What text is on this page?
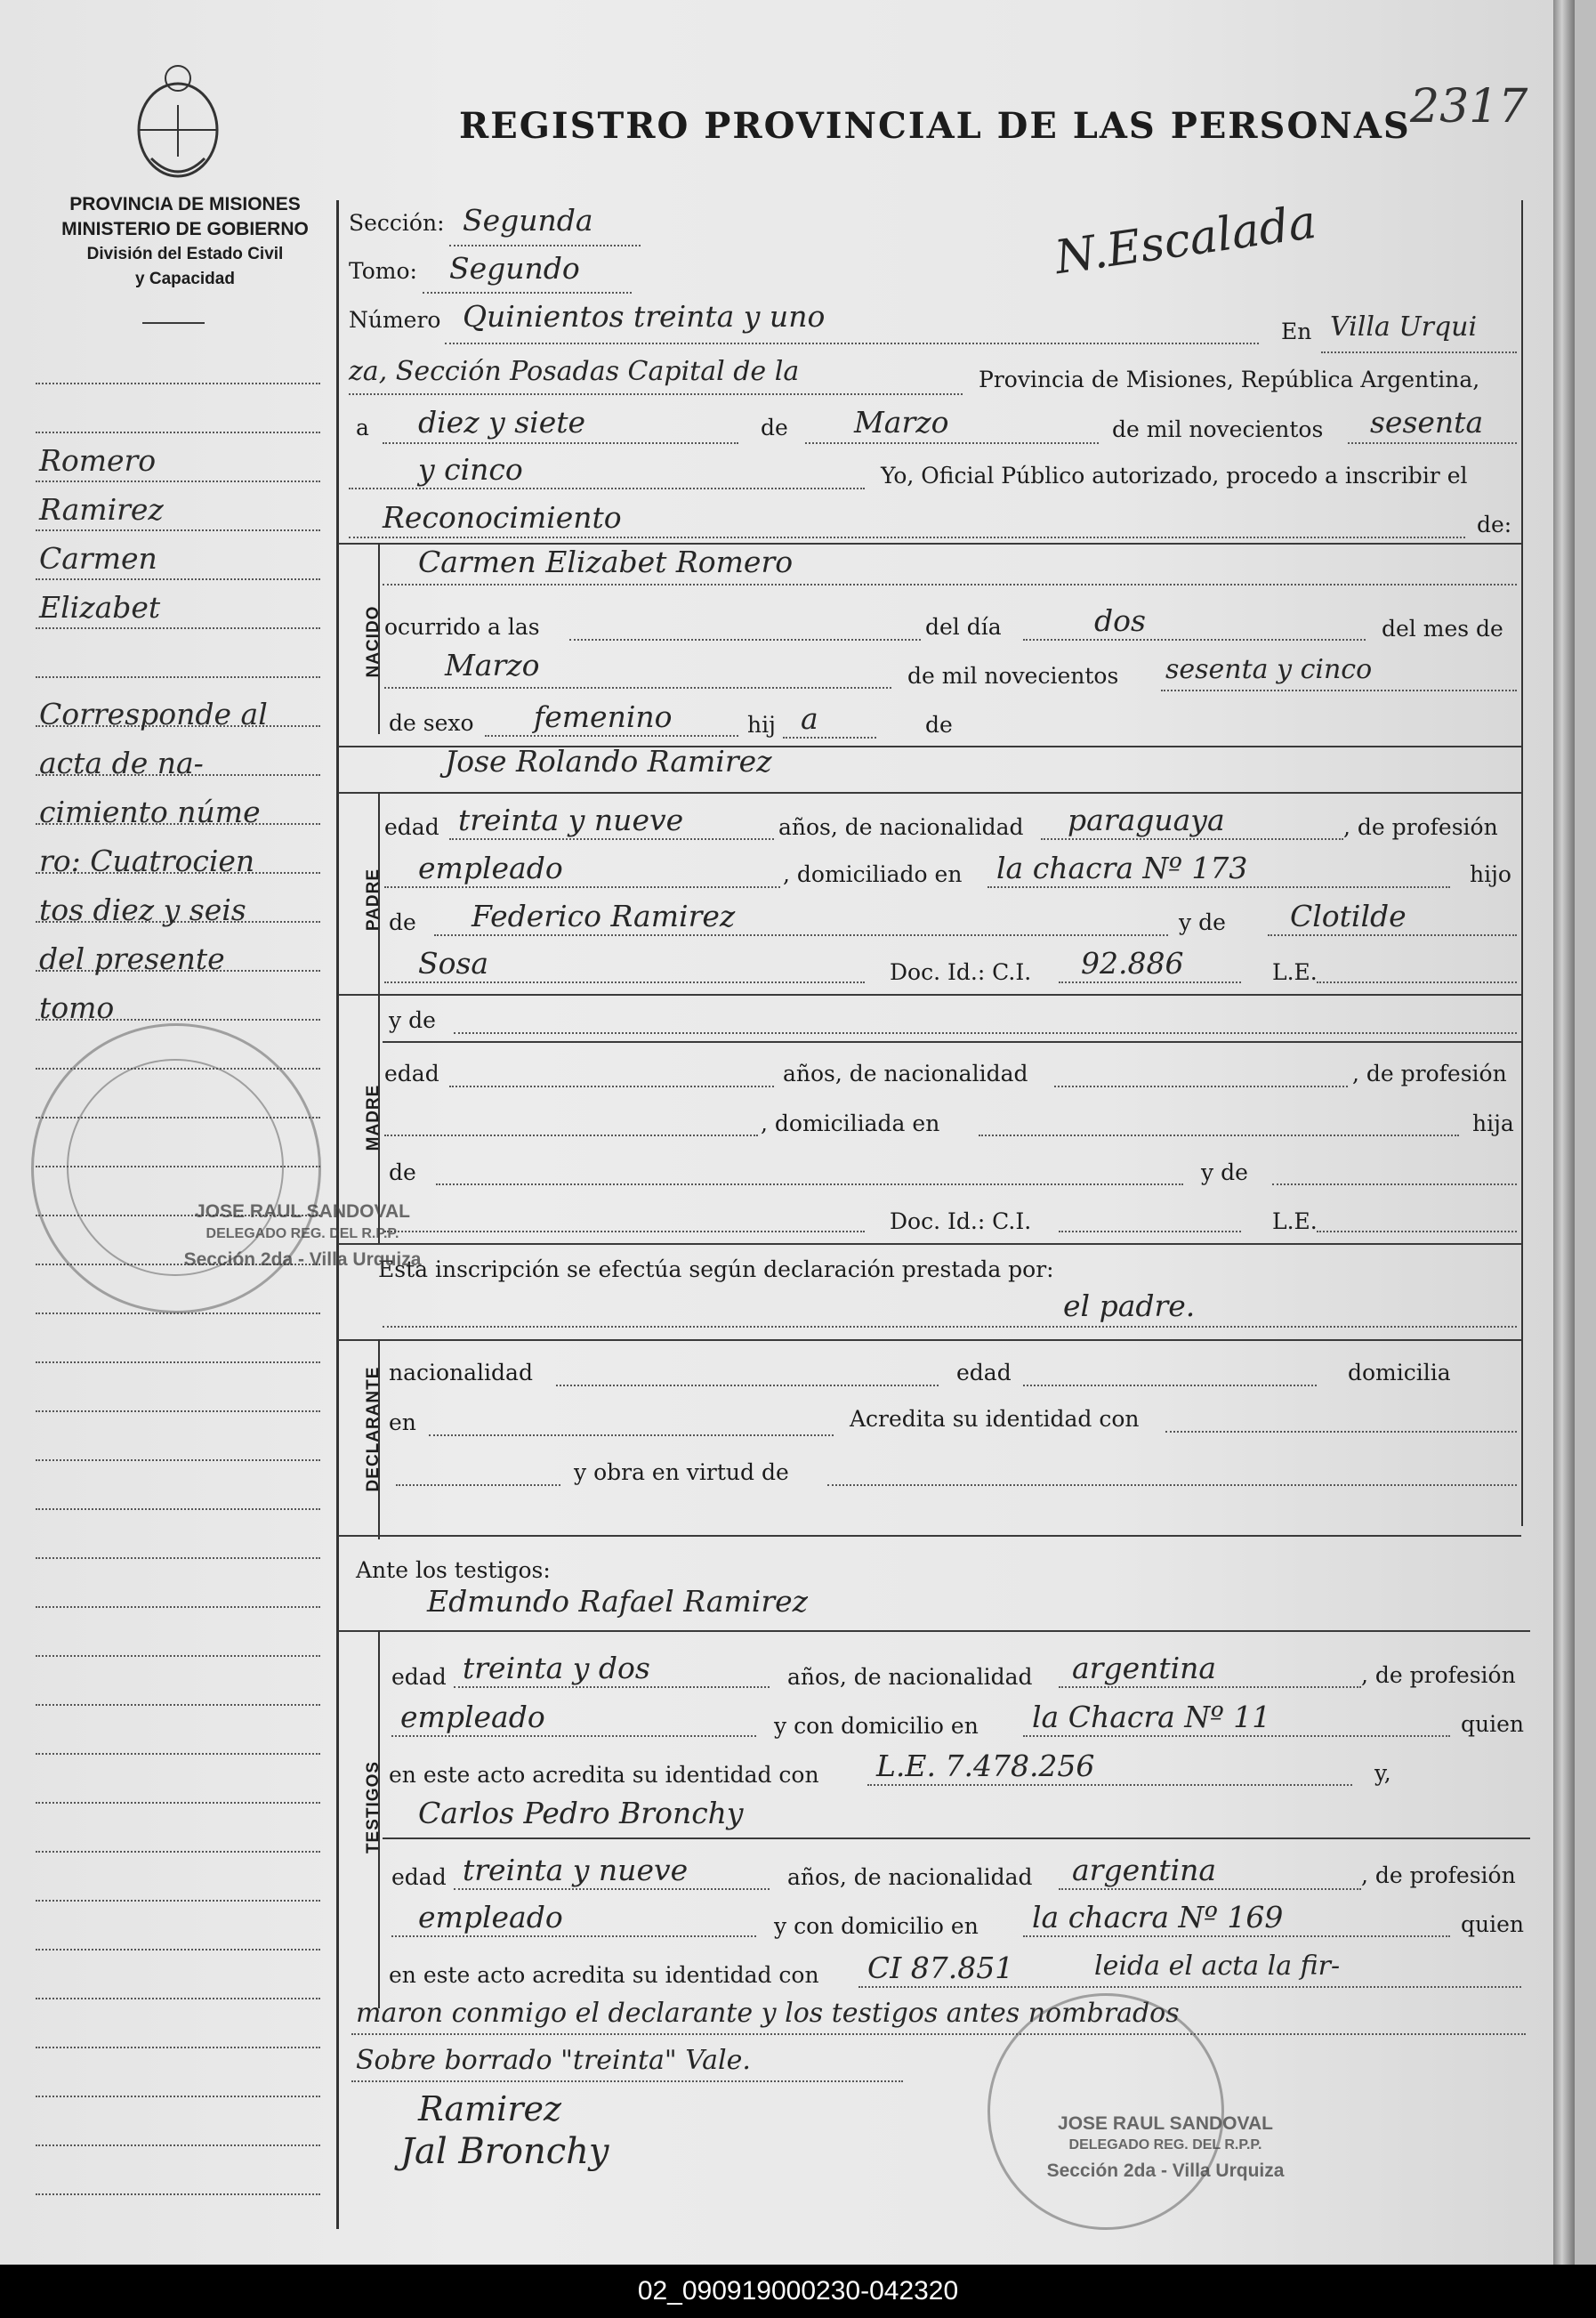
REGISTRO PROVINCIAL DE LAS PERSONAS 2317
PROVINCIA DE MISIONES
MINISTERIO DE GOBIERNO
División del Estado Civil
y Capacidad
Romero
Ramirez
Carmen
Elizabet
Corresponde al
acta de na-
cimiento núme
ro: Cuatrocien
tos diez y seis
del presente
tomo
Sección: Segunda	N.Escalada
Tomo: Segundo
Número Quinientos treinta y uno	En Villa Urqui
za, Sección Posadas Capital de la	Provincia de Misiones, República Argentina,
a diez y siete	de Marzo	de mil novecientos sesenta
y cinco	Yo, Oficial Público autorizado, procedo a inscribir el
Reconocimiento	de:
NACIDO
Carmen Elizabet Romero
ocurrido a las	del día	dos	del mes de
Marzo	de mil novecientos sesenta y cinco
de sexo femenino	hij a	de
Jose Rolando Ramirez
PADRE
edad treinta y nueve	años, de nacionalidad paraguaya	, de profesión
empleado	, domiciliado en la chacra Nº 173	hijo
de Federico Ramirez	y de Clotilde
Sosa	Doc. Id.: C.I. 92.886	L.E.
MADRE
y de
edad	años, de nacionalidad	, de profesión
, domiciliada en	hija
de	y de
Doc. Id.: C.I.	L.E.
Esta inscripción se efectúa según declaración prestada por:
el padre.
DECLARANTE nacionalidad	edad	domicilia
en	Acredita su identidad con
y obra en virtud de
Ante los testigos:
Edmundo Rafael Ramirez
TESTIGOS
edad treinta y dos	años, de nacionalidad argentina	, de profesión
empleado	y con domicilio en la Chacra Nº 11	quien
en este acto acredita su identidad con L.E. 7.478.256	y,
Carlos Pedro Bronchy
edad treinta y nueve	años, de nacionalidad argentina	, de profesión
empleado	y con domicilio en la chacra Nº 169	quien
en este acto acredita su identidad con CI 87.851	leida el acta la fir-
maron conmigo el declarante y los testigos antes nombrados
Sobre borrado "treinta" Vale.
Ramirez
Jal Bronchy
JOSE RAUL SANDOVAL
DELEGADO REG. DEL R.P.P.
Sección 2da - Villa Urquiza
JOSE RAUL SANDOVAL
DELEGADO REG. DEL R.P.P.
Sección 2da - Villa Urquiza
02_090919000230-042320
